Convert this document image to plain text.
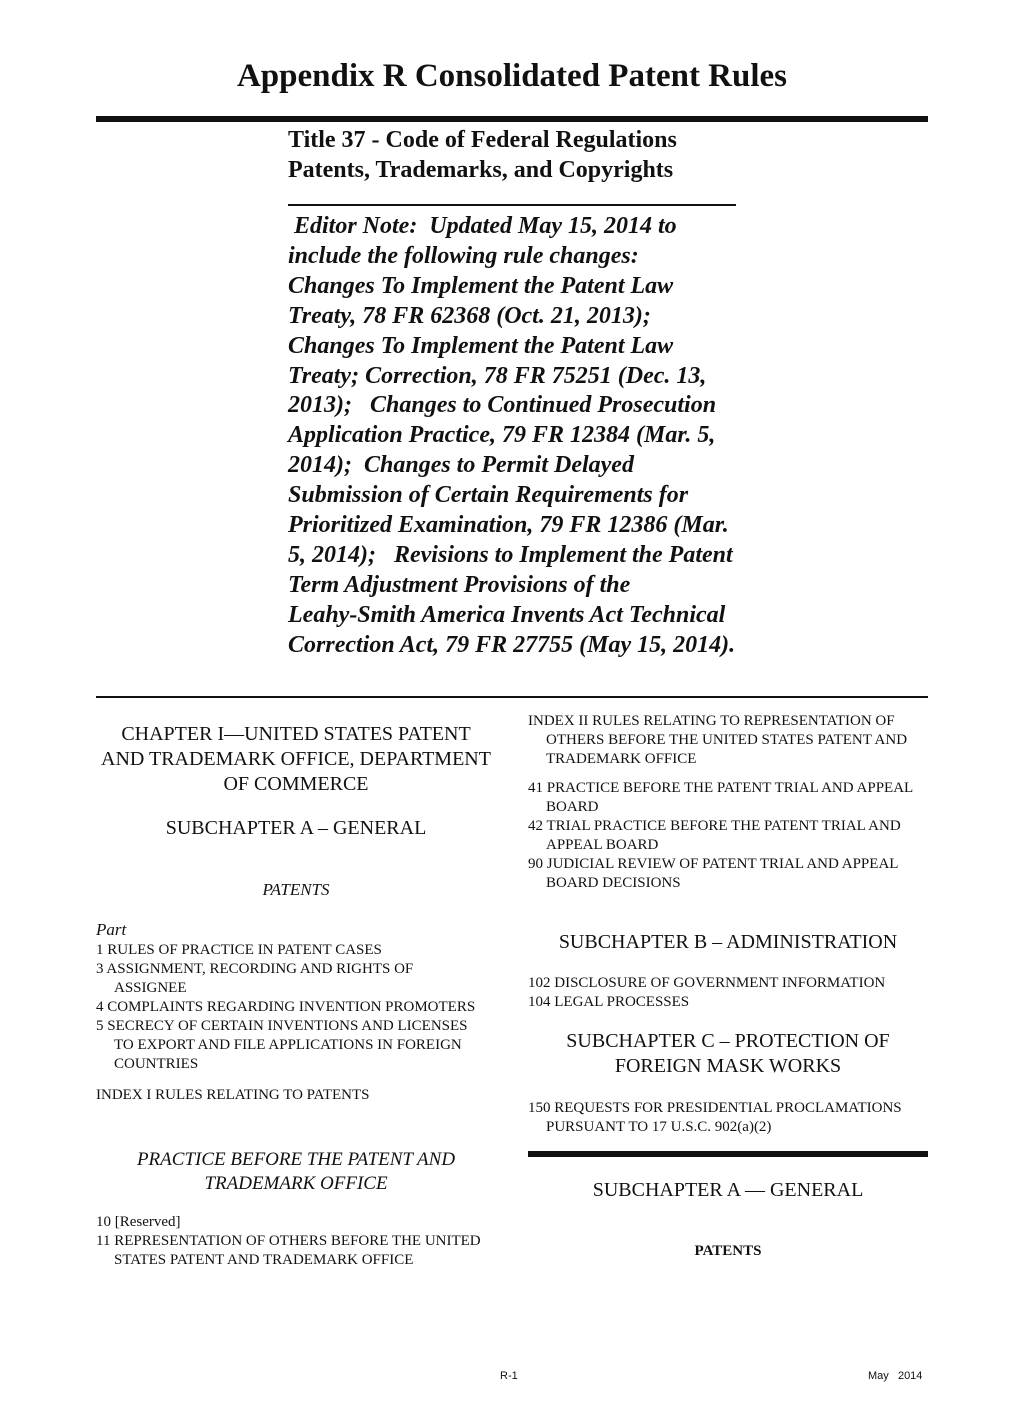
Appendix R Consolidated Patent Rules
Title 37 - Code of Federal Regulations
Patents, Trademarks, and Copyrights
Editor Note:  Updated May 15, 2014 to
include the following rule changes:
Changes To Implement the Patent Law
Treaty, 78 FR 62368 (Oct. 21, 2013);
Changes To Implement the Patent Law
Treaty; Correction, 78 FR 75251 (Dec. 13,
2013);   Changes to Continued Prosecution
Application Practice, 79 FR 12384 (Mar. 5,
2014);  Changes to Permit Delayed
Submission of Certain Requirements for
Prioritized Examination, 79 FR 12386 (Mar.
5, 2014);   Revisions to Implement the Patent
Term Adjustment Provisions of the
Leahy-Smith America Invents Act Technical
Correction Act, 79 FR 27755 (May 15, 2014).
CHAPTER I—UNITED STATES PATENT
AND TRADEMARK OFFICE, DEPARTMENT
OF COMMERCE
SUBCHAPTER A – GENERAL
PATENTS
Part
1 RULES OF PRACTICE IN PATENT CASES
3 ASSIGNMENT, RECORDING AND RIGHTS OF
ASSIGNEE
4 COMPLAINTS REGARDING INVENTION PROMOTERS
5 SECRECY OF CERTAIN INVENTIONS AND LICENSES
TO EXPORT AND FILE APPLICATIONS IN FOREIGN
COUNTRIES
INDEX I RULES RELATING TO PATENTS
PRACTICE BEFORE THE PATENT AND
TRADEMARK OFFICE
10 [Reserved]
11 REPRESENTATION OF OTHERS BEFORE THE UNITED
STATES PATENT AND TRADEMARK OFFICE
INDEX II RULES RELATING TO REPRESENTATION OF
OTHERS BEFORE THE UNITED STATES PATENT AND
TRADEMARK OFFICE
41 PRACTICE BEFORE THE PATENT TRIAL AND APPEAL
BOARD
42 TRIAL PRACTICE BEFORE THE PATENT TRIAL AND
APPEAL BOARD
90 JUDICIAL REVIEW OF PATENT TRIAL AND APPEAL
BOARD DECISIONS
SUBCHAPTER B – ADMINISTRATION
102 DISCLOSURE OF GOVERNMENT INFORMATION
104 LEGAL PROCESSES
SUBCHAPTER C – PROTECTION OF
FOREIGN MASK WORKS
150 REQUESTS FOR PRESIDENTIAL PROCLAMATIONS
PURSUANT TO 17 U.S.C. 902(a)(2)
SUBCHAPTER A — GENERAL
PATENTS
R-1	May   2014
